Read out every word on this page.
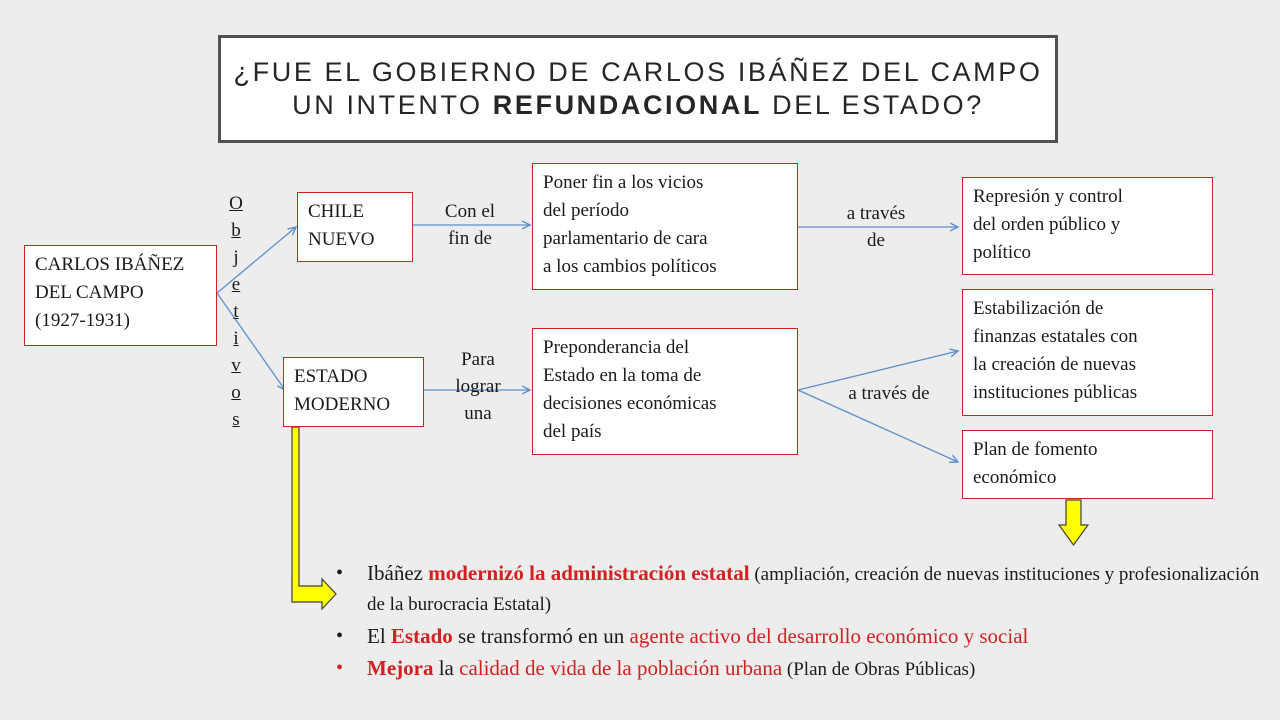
¿FUE EL GOBIERNO DE CARLOS IBÁÑEZ DEL CAMPO
UN INTENTO REFUNDACIONAL DEL ESTADO?
CARLOS IBÁÑEZ
DEL CAMPO
(1927-1931)
CHILE
NUEVO
ESTADO
MODERNO
Poner fin a los vicios
del período
parlamentario de cara
a los cambios políticos
Preponderancia del
Estado en la toma de
decisiones económicas
del país
Represión y control
del orden público y
político
Estabilización de
finanzas estatales con
la creación de nuevas
instituciones públicas
Plan de fomento
económico
O
b
j
e
t
i
v
o
s
Con el
fin de
Para
lograr
una
a través
de
a través de
• Ibáñez modernizó la administración estatal (ampliación, creación de nuevas instituciones y profesionalización de la burocracia Estatal)
• El Estado se transformó en un agente activo del desarrollo económico y social
• Mejora la calidad de vida de la población urbana (Plan de Obras Públicas)
